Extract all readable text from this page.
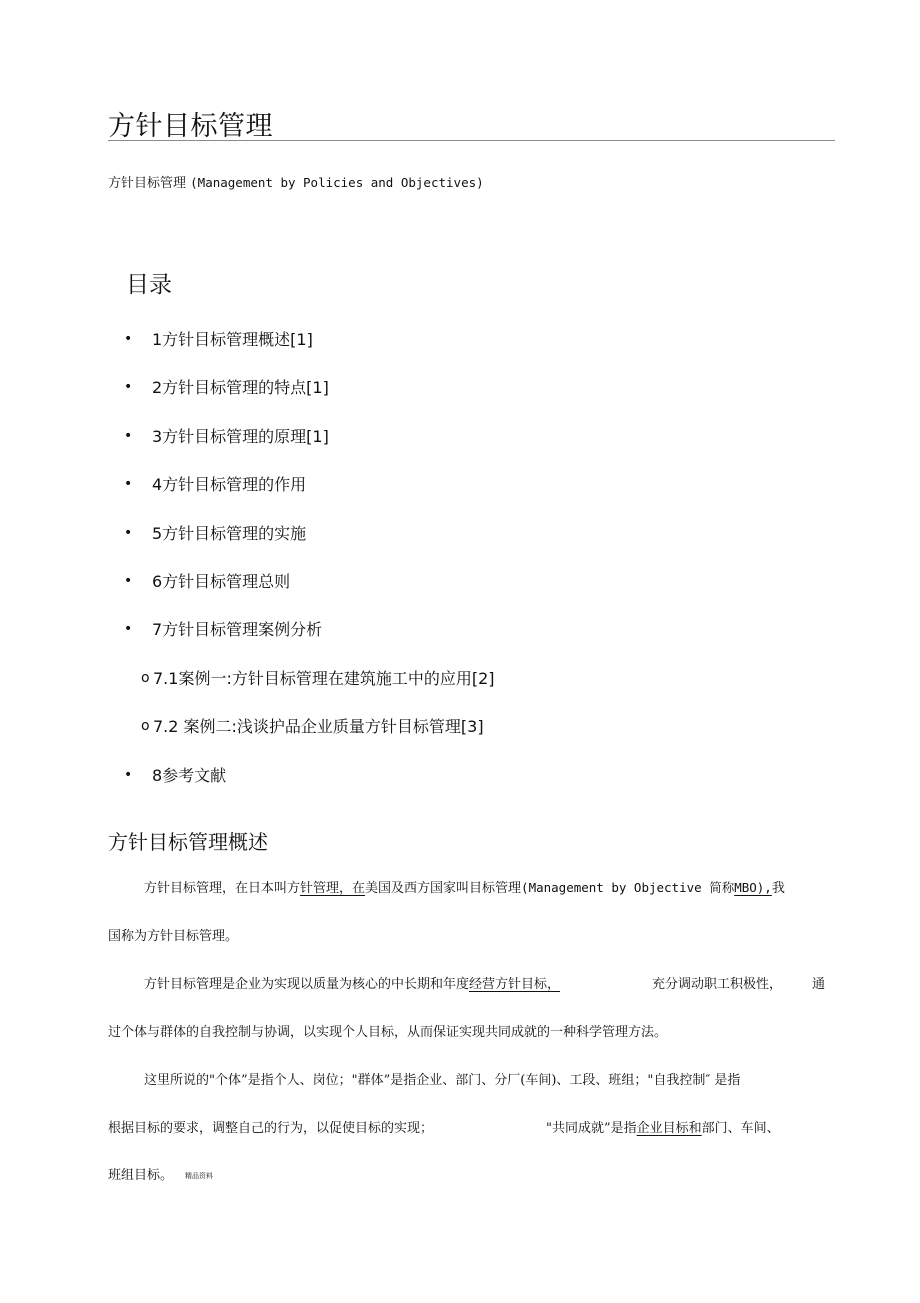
方针目标管理
方针目标管理 (Management by Policies and Objectives)
目录
•	1方针目标管理概述[1]
•	2方针目标管理的特点[1]
•	3方针目标管理的原理[1]
•	4方针目标管理的作用
•	5方针目标管理的实施
•	6方针目标管理总则
•	7方针目标管理案例分析
o 7.1案例一:方针目标管理在建筑施工中的应用[2]
o 7.2 案例二:浅谈护品企业质量方针目标管理[3]
•	8参考文献
方针目标管理概述
方针目标管理，在日本叫方针管理，在美国及西方国家叫目标管理(Management by Objective 简称MBO),我
国称为方针目标管理。
方针目标管理是企业为实现以质量为核心的中长期和年度经营方针目标，	充分调动职工积极性， 通
过个体与群体的自我控制与协调，以实现个人目标，从而保证实现共同成就的一种科学管理方法。
这里所说的"个体”是指个人、岗位；"群体”是指企业、部门、分厂(车间)、工段、班组；"自我控制″ 是指
根据目标的要求，调整自己的行为，以促使目标的实现；	"共同成就”是指企业目标和部门、车间、
班组目标。 精品资料
